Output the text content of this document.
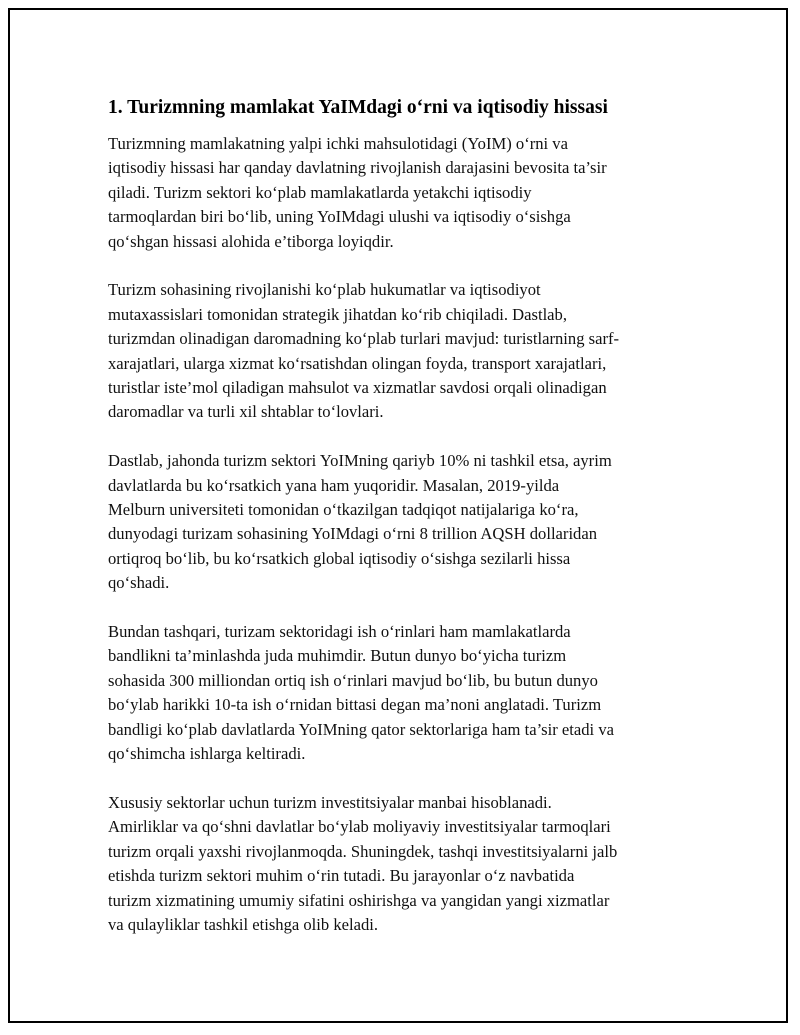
1. Turizmning mamlakat YaIMdagi o‘rni va iqtisodiy hissasi

Turizmning mamlakatning yalpi ichki mahsulotidagi (YoIM) o‘rni va
iqtisodiy hissasi har qanday davlatning rivojlanish darajasini bevosita ta’sir
qiladi. Turizm sektori ko‘plab mamlakatlarda yetakchi iqtisodiy
tarmoqlardan biri bo‘lib, uning YoIMdagi ulushi va iqtisodiy o‘sishga
qo‘shgan hissasi alohida e’tiborga loyiqdir.

Turizm sohasining rivojlanishi ko‘plab hukumatlar va iqtisodiyot
mutaxassislari tomonidan strategik jihatdan ko‘rib chiqiladi. Dastlab,
turizmdan olinadigan daromadning ko‘plab turlari mavjud: turistlarning sarf-
xarajatlari, ularga xizmat ko‘rsatishdan olingan foyda, transport xarajatlari,
turistlar iste’mol qiladigan mahsulot va xizmatlar savdosi orqali olinadigan
daromadlar va turli xil shtablar to‘lovlari.

Dastlab, jahonda turizm sektori YoIMning qariyb 10% ni tashkil etsa, ayrim
davlatlarda bu ko‘rsatkich yana ham yuqoridir. Masalan, 2019-yilda
Melburn universiteti tomonidan o‘tkazilgan tadqiqot natijalariga ko‘ra,
dunyodagi turizam sohasining YoIMdagi o‘rni 8 trillion AQSH dollaridan
ortiqroq bo‘lib, bu ko‘rsatkich global iqtisodiy o‘sishga sezilarli hissa
qo‘shadi.

Bundan tashqari, turizam sektoridagi ish o‘rinlari ham mamlakatlarda
bandlikni ta’minlashda juda muhimdir. Butun dunyo bo‘yicha turizm
sohasida 300 milliondan ortiq ish o‘rinlari mavjud bo‘lib, bu butun dunyo
bo‘ylab harikki 10-ta ish o‘rnidan bittasi degan ma’noni anglatadi. Turizm
bandligi ko‘plab davlatlarda YoIMning qator sektorlariga ham ta’sir etadi va
qo‘shimcha ishlarga keltiradi.

Xususiy sektorlar uchun turizm investitsiyalar manbai hisoblanadi.
Amirliklar va qo‘shni davlatlar bo‘ylab moliyaviy investitsiyalar tarmoqlari
turizm orqali yaxshi rivojlanmoqda. Shuningdek, tashqi investitsiyalarni jalb
etishda turizm sektori muhim o‘rin tutadi. Bu jarayonlar o‘z navbatida
turizm xizmatining umumiy sifatini oshirishga va yangidan yangi xizmatlar
va qulayliklar tashkil etishga olib keladi.
